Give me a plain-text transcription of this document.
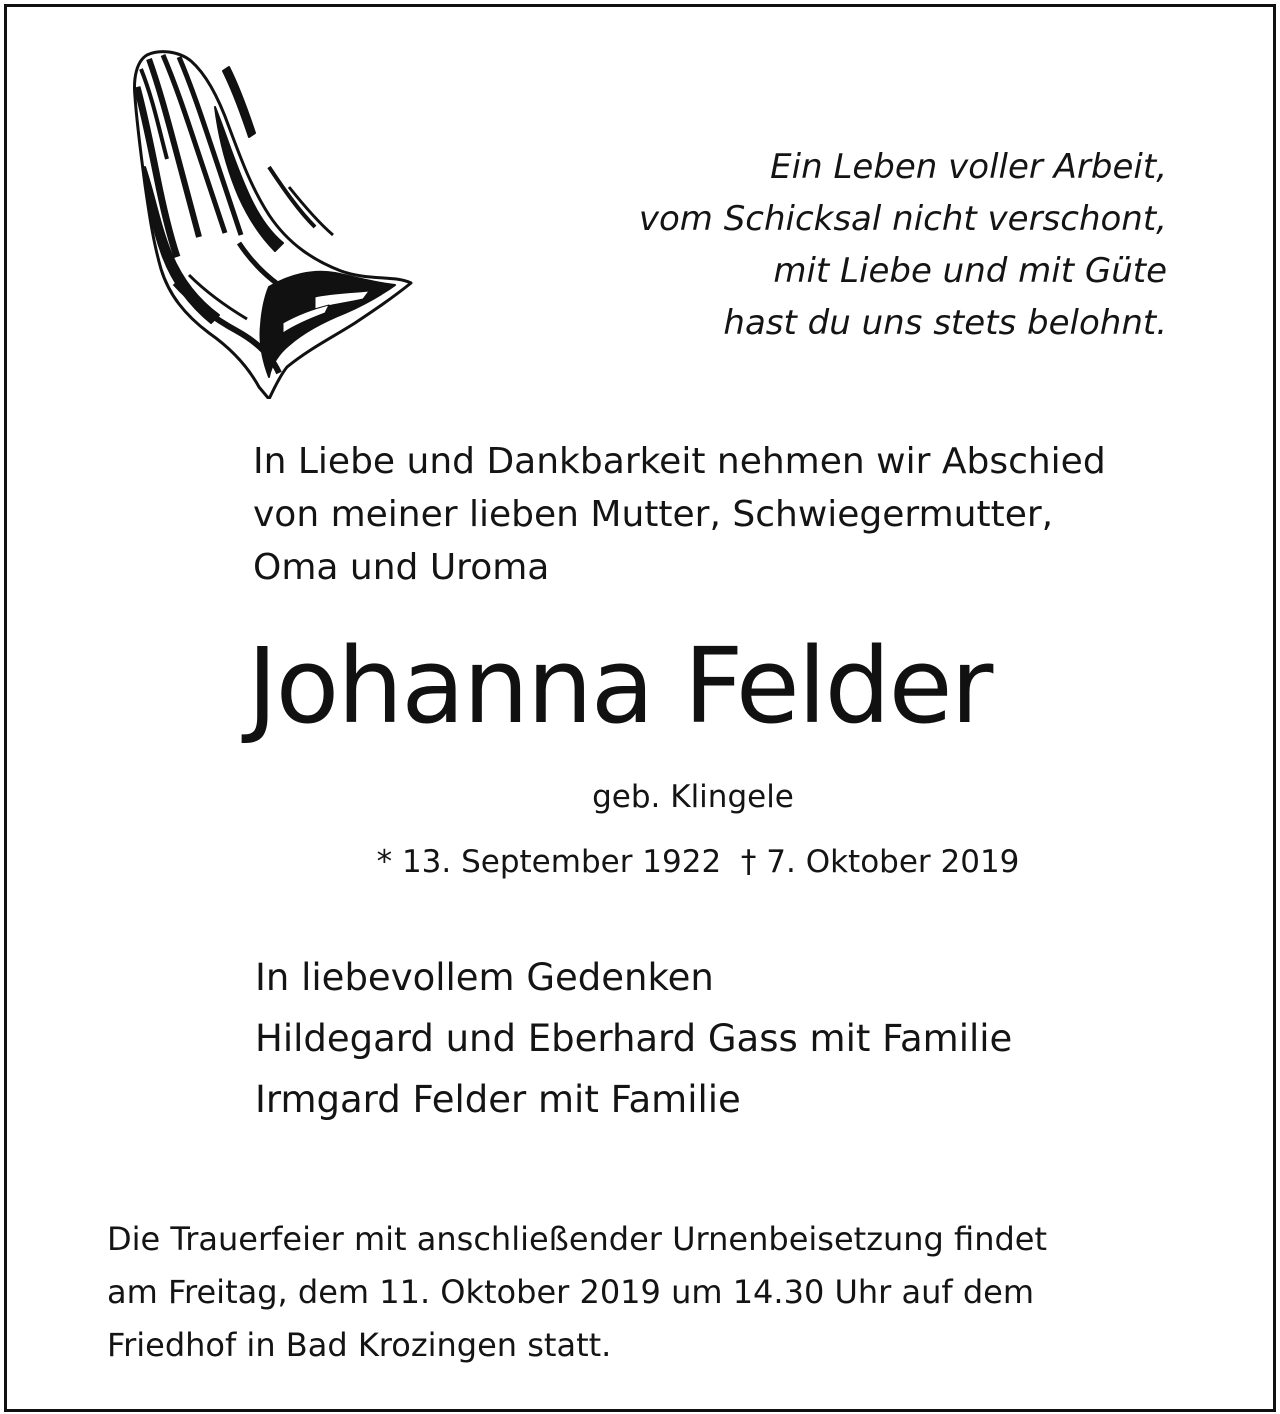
Ein Leben voller Arbeit,
vom Schicksal nicht verschont,
mit Liebe und mit Güte
hast du uns stets belohnt.
In Liebe und Dankbarkeit nehmen wir Abschied
von meiner lieben Mutter, Schwiegermutter,
Oma und Uroma
Johanna Felder
geb. Klingele
* 13. September 1922  † 7. Oktober 2019
In liebevollem Gedenken
Hildegard und Eberhard Gass mit Familie
Irmgard Felder mit Familie
Die Trauerfeier mit anschließender Urnenbeisetzung findet
am Freitag, dem 11. Oktober 2019 um 14.30 Uhr auf dem
Friedhof in Bad Krozingen statt.
